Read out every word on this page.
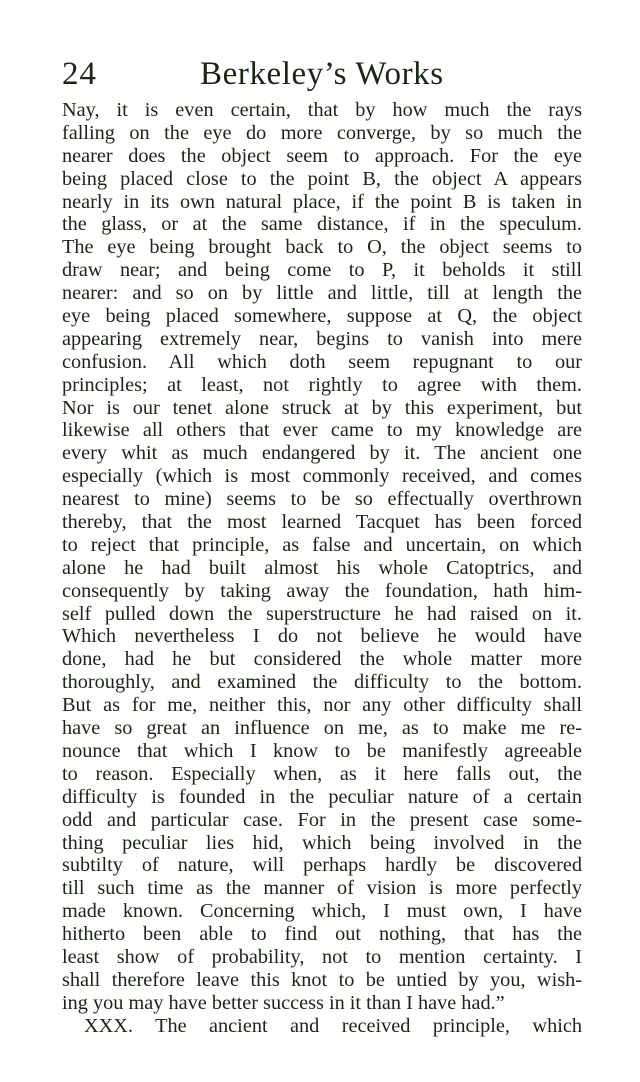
24	Berkeley’s Works
Nay, it is even certain, that by how much the rays
falling on the eye do more converge, by so much the
nearer does the object seem to approach. For the eye
being placed close to the point B, the object A appears
nearly in its own natural place, if the point B is taken in
the glass, or at the same distance, if in the speculum.
The eye being brought back to O, the object seems to
draw near; and being come to P, it beholds it still
nearer: and so on by little and little, till at length the
eye being placed somewhere, suppose at Q, the object
appearing extremely near, begins to vanish into mere
confusion. All which doth seem repugnant to our
principles; at least, not rightly to agree with them.
Nor is our tenet alone struck at by this experiment, but
likewise all others that ever came to my knowledge are
every whit as much endangered by it. The ancient one
especially (which is most commonly received, and comes
nearest to mine) seems to be so effectually overthrown
thereby, that the most learned Tacquet has been forced
to reject that principle, as false and uncertain, on which
alone he had built almost his whole Catoptrics, and
consequently by taking away the foundation, hath him-
self pulled down the superstructure he had raised on it.
Which nevertheless I do not believe he would have
done, had he but considered the whole matter more
thoroughly, and examined the difficulty to the bottom.
But as for me, neither this, nor any other difficulty shall
have so great an influence on me, as to make me re-
nounce that which I know to be manifestly agreeable
to reason. Especially when, as it here falls out, the
difficulty is founded in the peculiar nature of a certain
odd and particular case. For in the present case some-
thing peculiar lies hid, which being involved in the
subtilty of nature, will perhaps hardly be discovered
till such time as the manner of vision is more perfectly
made known. Concerning which, I must own, I have
hitherto been able to find out nothing, that has the
least show of probability, not to mention certainty. I
shall therefore leave this knot to be untied by you, wish-
ing you may have better success in it than I have had.”
XXX. The ancient and received principle, which
